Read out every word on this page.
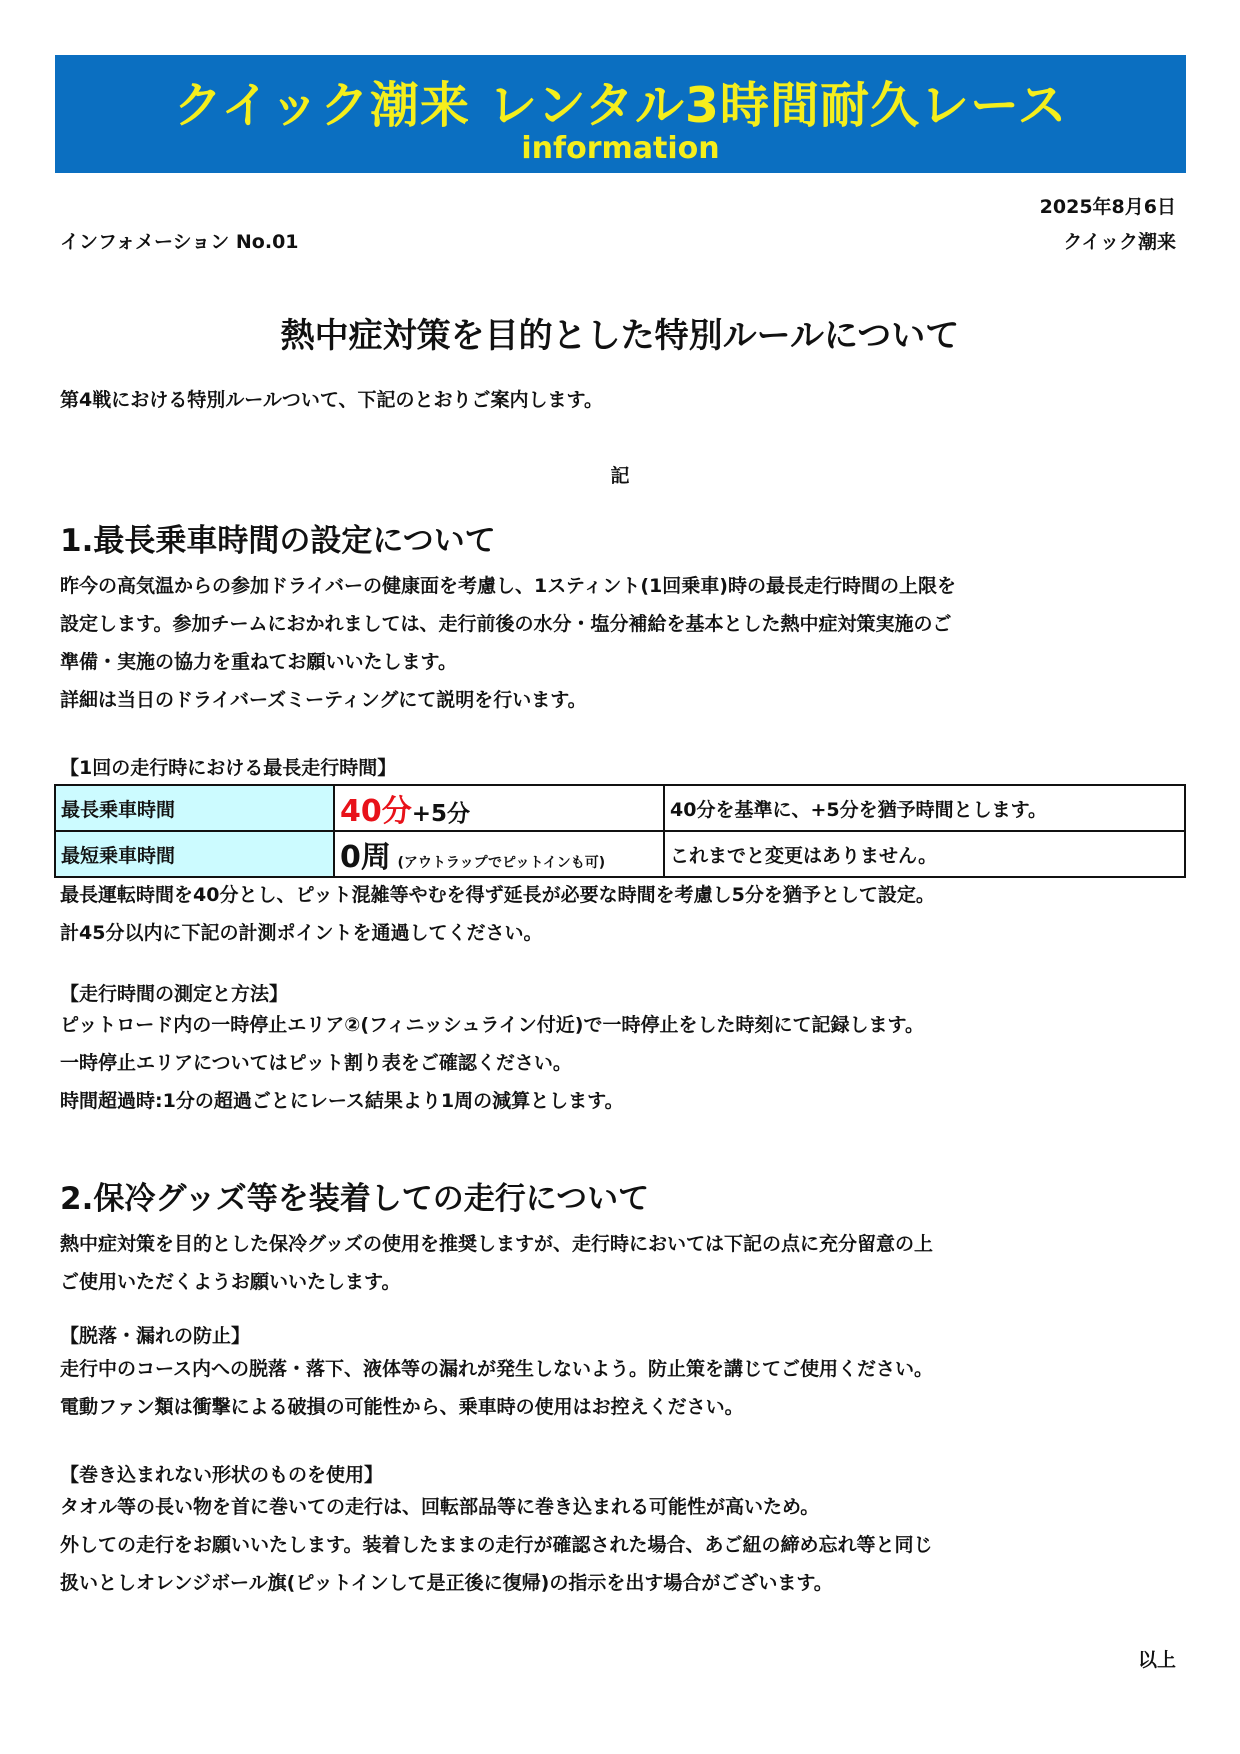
クイック潮来 レンタル3時間耐久レース
information
2025年8月6日
インフォメーション No.01	クイック潮来
熱中症対策を目的とした特別ルールについて
第4戦における特別ルールついて、下記のとおりご案内します。
記
1.最長乗車時間の設定について
昨今の高気温からの参加ドライバーの健康面を考慮し、1スティント(1回乗車)時の最長走行時間の上限を
設定します。参加チームにおかれましては、走行前後の水分・塩分補給を基本とした熱中症対策実施のご
準備・実施の協力を重ねてお願いいたします。
詳細は当日のドライバーズミーティングにて説明を行います。
【1回の走行時における最長走行時間】
最長乗車時間	40分+5分	40分を基準に、+5分を猶予時間とします。
最短乗車時間	0周 (アウトラップでピットインも可)	これまでと変更はありません。
最長運転時間を40分とし、ピット混雑等やむを得ず延長が必要な時間を考慮し5分を猶予として設定。
計45分以内に下記の計測ポイントを通過してください。
【走行時間の測定と方法】
ピットロード内の一時停止エリア②(フィニッシュライン付近)で一時停止をした時刻にて記録します。
一時停止エリアについてはピット割り表をご確認ください。
時間超過時:1分の超過ごとにレース結果より1周の減算とします。
2.保冷グッズ等を装着しての走行について
熱中症対策を目的とした保冷グッズの使用を推奨しますが、走行時においては下記の点に充分留意の上
ご使用いただくようお願いいたします。
【脱落・漏れの防止】
走行中のコース内への脱落・落下、液体等の漏れが発生しないよう。防止策を講じてご使用ください。
電動ファン類は衝撃による破損の可能性から、乗車時の使用はお控えください。
【巻き込まれない形状のものを使用】
タオル等の長い物を首に巻いての走行は、回転部品等に巻き込まれる可能性が高いため。
外しての走行をお願いいたします。装着したままの走行が確認された場合、あご紐の締め忘れ等と同じ
扱いとしオレンジボール旗(ピットインして是正後に復帰)の指示を出す場合がございます。
以上
